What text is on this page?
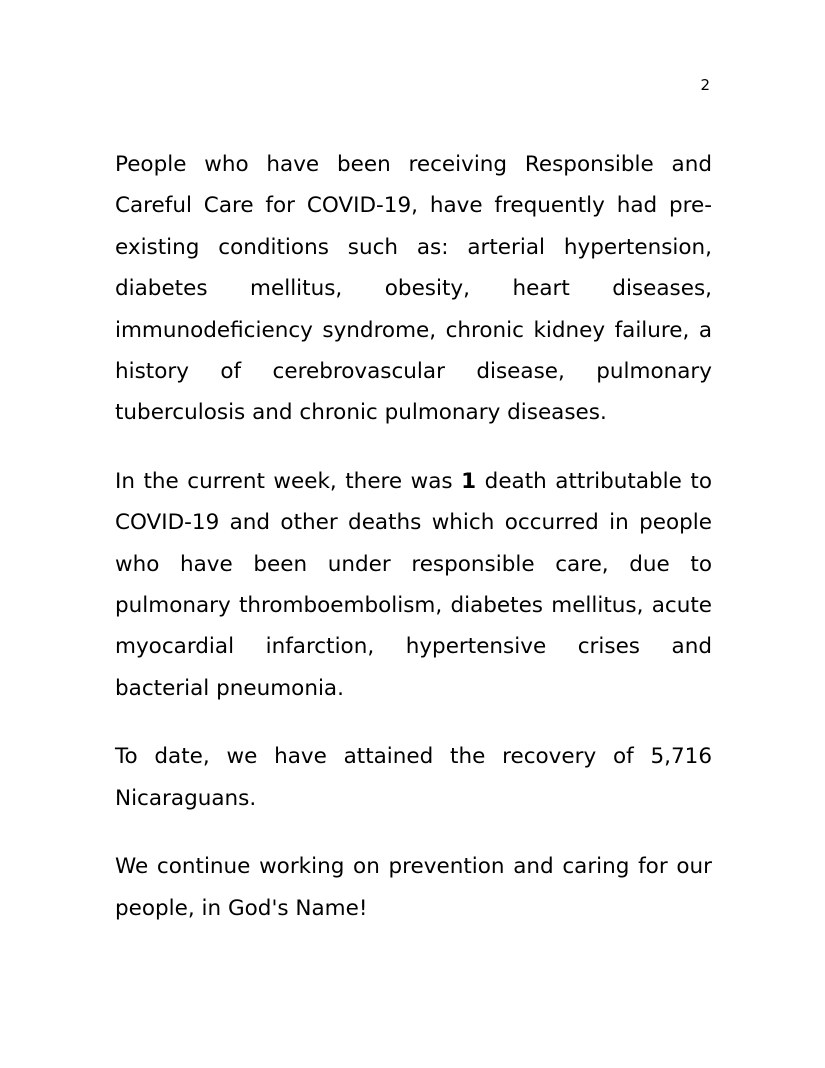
2

People who have been receiving Responsible and Careful Care for COVID-19, have frequently had pre-existing conditions such as: arterial hypertension, diabetes mellitus, obesity, heart diseases, immunodeficiency syndrome, chronic kidney failure, a history of cerebrovascular disease, pulmonary tuberculosis and chronic pulmonary diseases.

In the current week, there was 1 death attributable to COVID-19 and other deaths which occurred in people who have been under responsible care, due to pulmonary thromboembolism, diabetes mellitus, acute myocardial infarction, hypertensive crises and bacterial pneumonia.

To date, we have attained the recovery of 5,716 Nicaraguans.

We continue working on prevention and caring for our people, in God's Name!
